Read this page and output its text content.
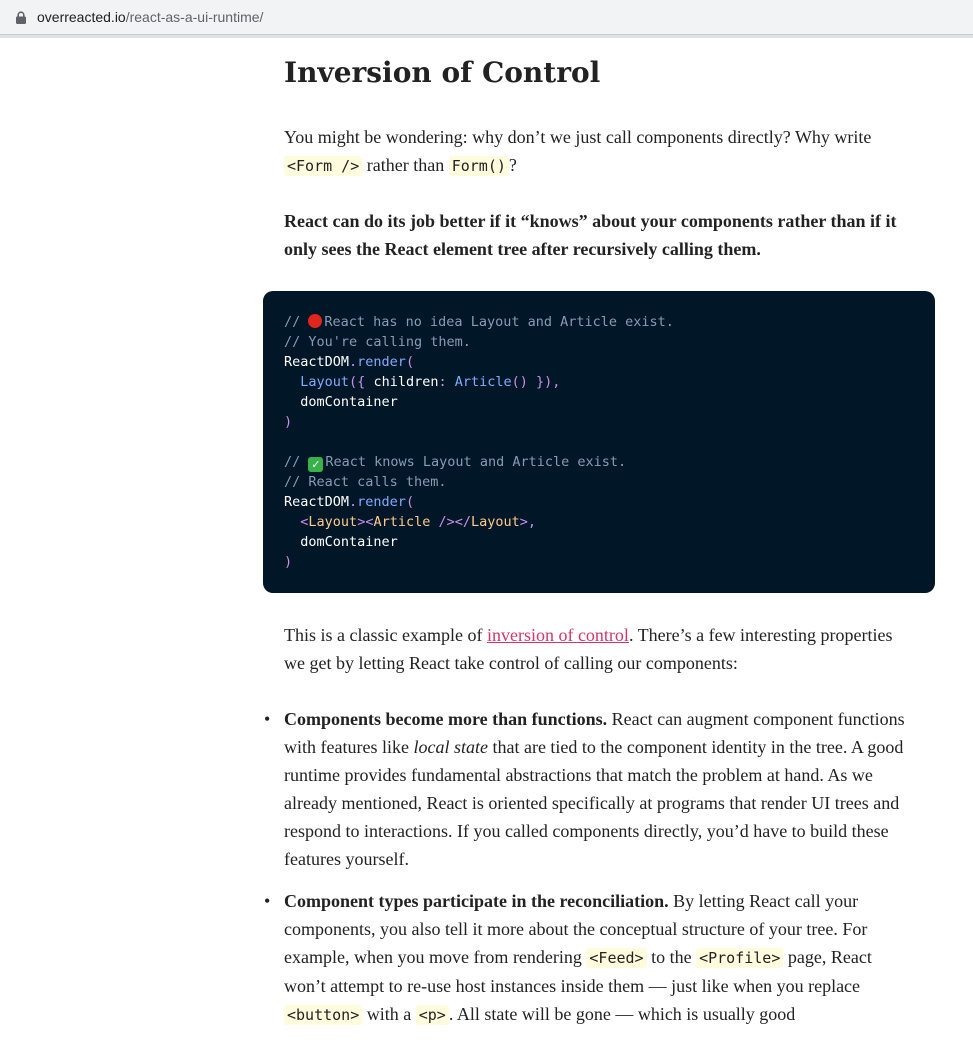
overreacted.io/react-as-a-ui-runtime/
Inversion of Control

You might be wondering: why don’t we just call components directly? Why write <Form /> rather than Form() ?

React can do its job better if it “knows” about your components rather than if it only sees the React element tree after recursively calling them.

// React has no idea Layout and Article exist.
// You're calling them.
ReactDOM.render(
Layout({ children: Article() }),
domContainer
)

// ✓ React knows Layout and Article exist.
// React calls them.
ReactDOM.render(
<Layout><Article /></Layout>,
domContainer
)

This is a classic example of inversion of control. There’s a few interesting properties we get by letting React take control of calling our components:

• Components become more than functions. React can augment component functions with features like local state that are tied to the component identity in the tree. A good runtime provides fundamental abstractions that match the problem at hand. As we already mentioned, React is oriented specifically at programs that render UI trees and respond to interactions. If you called components directly, you’d have to build these features yourself.
• Component types participate in the reconciliation. By letting React call your components, you also tell it more about the conceptual structure of your tree. For example, when you move from rendering <Feed> to the <Profile> page, React won’t attempt to re-use host instances inside them — just like when you replace <button> with a <p> . All state will be gone — which is usually good
